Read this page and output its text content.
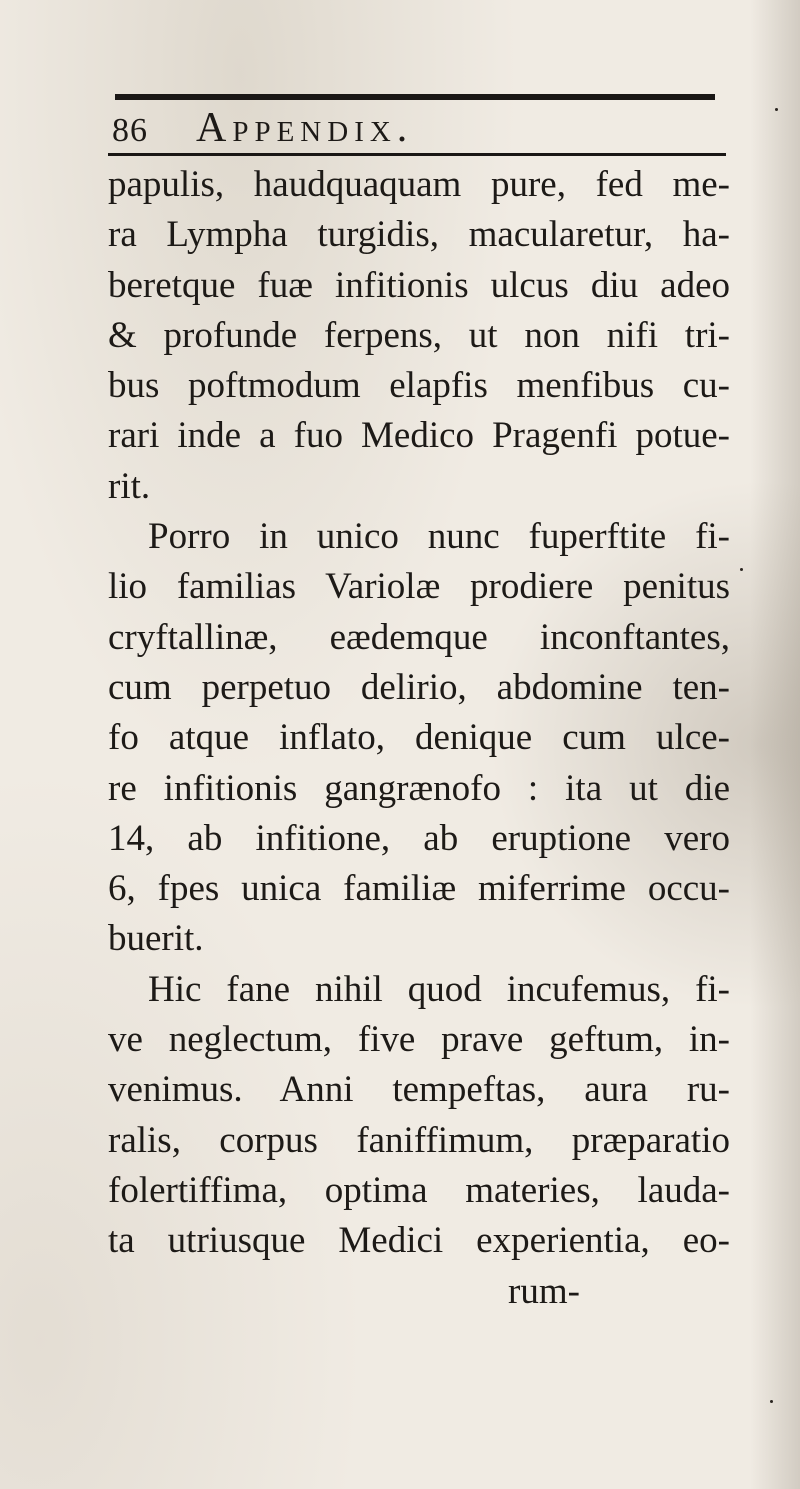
86 Appendix.
papulis, haudquaquam pure, fed me-
ra Lympha turgidis, macularetur, ha-
beretque fuæ infitionis ulcus diu adeo
& profunde ferpens, ut non nifi tri-
bus poftmodum elapfis menfibus cu-
rari inde a fuo Medico Pragenfi potue-
rit.
Porro in unico nunc fuperftite fi-
lio familias Variolæ prodiere penitus
cryftallinæ, eædemque inconftantes,
cum perpetuo delirio, abdomine ten-
fo atque inflato, denique cum ulce-
re infitionis gangrænofo : ita ut die
14, ab infitione, ab eruptione vero
6, fpes unica familiæ miferrime occu-
buerit.
Hic fane nihil quod incufemus, fi-
ve neglectum, five prave geftum, in-
venimus. Anni tempeftas, aura ru-
ralis, corpus faniffimum, præparatio
folertiffima, optima materies, lauda-
ta utriusque Medici experientia, eo-
rum-
